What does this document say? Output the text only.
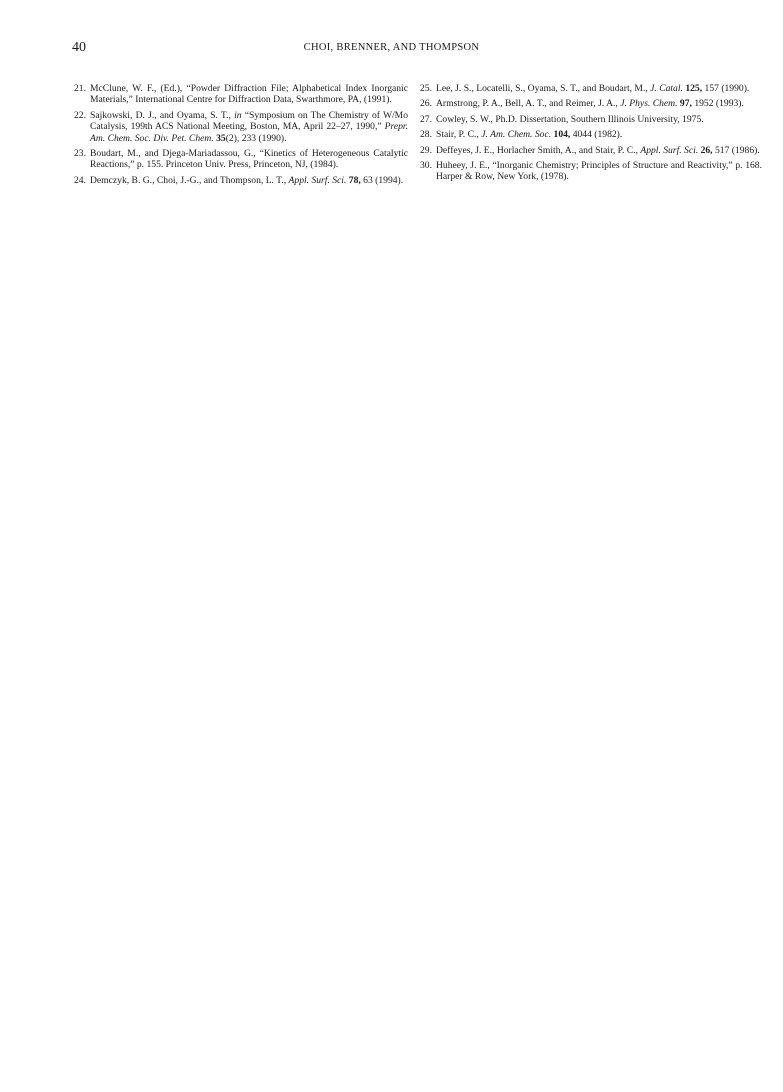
40	CHOI, BRENNER, AND THOMPSON
21 . McClune, W. F., (Ed.), “Powder Diffraction File; Alphabetical Index Inorganic Materials,” International Centre for Diffraction Data, Swarthmore, PA, (1991).
22 . Sajkowski, D. J., and Oyama, S. T., in “Symposium on The Chemistry of W/Mo Catalysis, 199th ACS National Meeting, Boston, MA, April 22–27, 1990,” Prepr. Am. Chem. Soc. Div. Pet. Chem. 35(2), 233 (1990).
23 . Boudart, M., and Djega-Mariadassou, G., “Kinetics of Heterogeneous Catalytic Reactions,” p. 155. Princeton Univ. Press, Princeton, NJ, (1984).
24 . Demczyk, B. G., Choi, J.-G., and Thompson, L. T., Appl. Surf. Sci. 78, 63 (1994).
25 . Lee, J. S., Locatelli, S., Oyama, S. T., and Boudart, M., J. Catal. 125, 157 (1990).
26 . Armstrong, P. A., Bell, A. T., and Reimer, J. A., J. Phys. Chem. 97, 1952 (1993).
27 . Cowley, S. W., Ph.D. Dissertation, Southern Illinois University, 1975.
28 . Stair, P. C., J. Am. Chem. Soc. 104, 4044 (1982).
29 . Deffeyes, J. E., Horlacher Smith, A., and Stair, P. C., Appl. Surf. Sci. 26, 517 (1986).
30 . Huheey, J. E., “Inorganic Chemistry; Principles of Structure and Reactivity,” p. 168. Harper & Row, New York, (1978).
